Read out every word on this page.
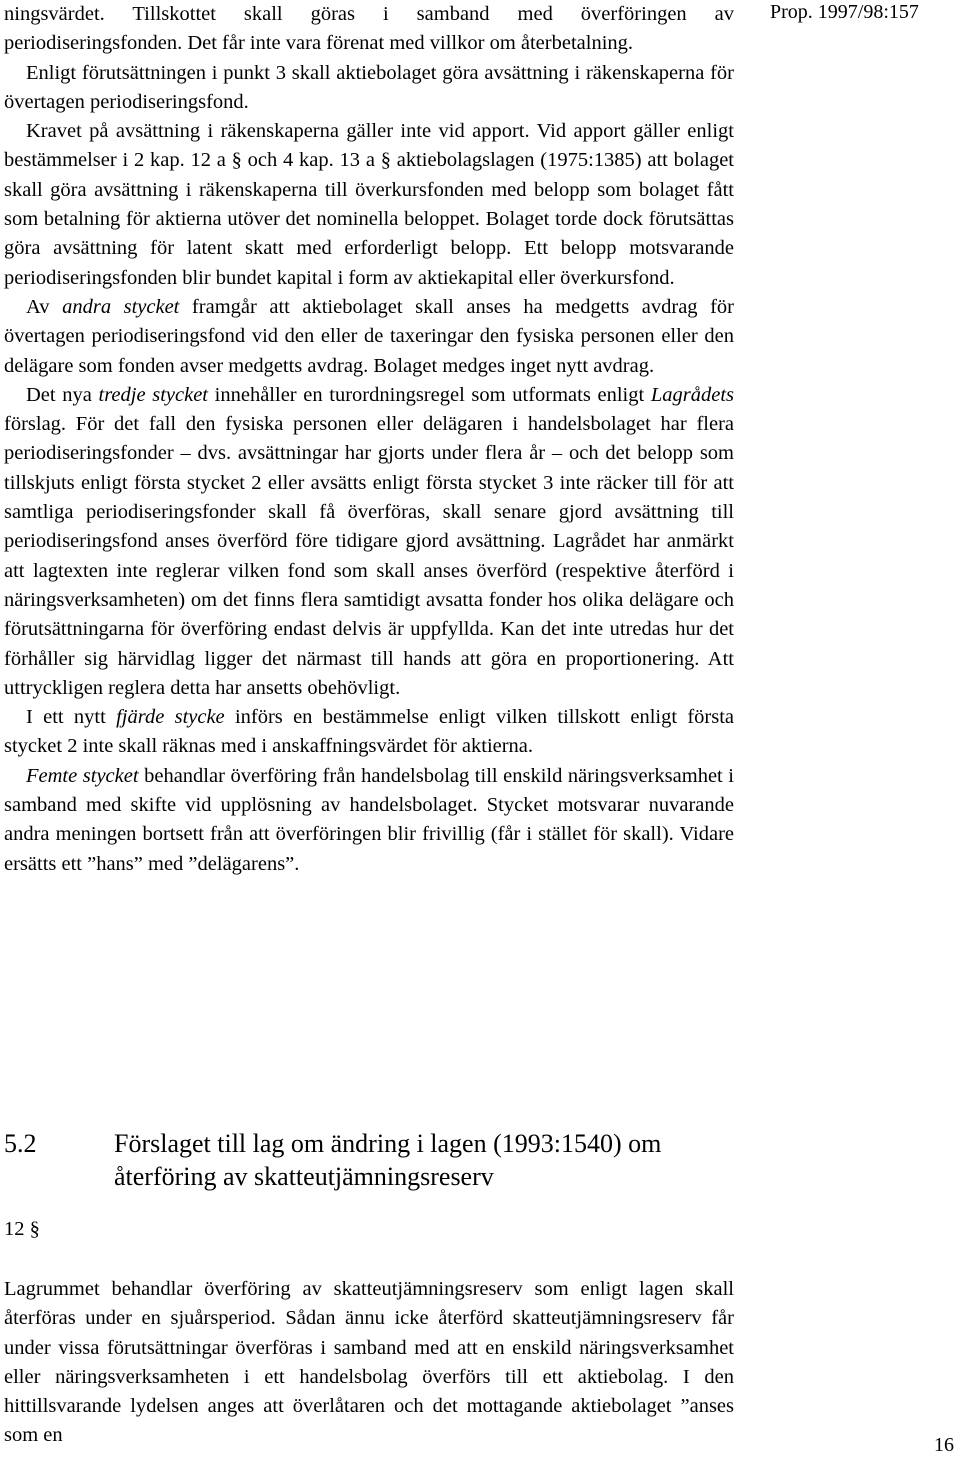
Prop. 1997/98:157

ningsvärdet. Tillskottet skall göras i samband med överföringen av periodiseringsfonden. Det får inte vara förenat med villkor om återbetalning.

Enligt förutsättningen i punkt 3 skall aktiebolaget göra avsättning i räkenskaperna för övertagen periodiseringsfond.

Kravet på avsättning i räkenskaperna gäller inte vid apport. Vid apport gäller enligt bestämmelser i 2 kap. 12 a § och 4 kap. 13 a § aktiebolagslagen (1975:1385) att bolaget skall göra avsättning i räkenskaperna till överkursfonden med belopp som bolaget fått som betalning för aktierna utöver det nominella beloppet. Bolaget torde dock förutsättas göra avsättning för latent skatt med erforderligt belopp. Ett belopp motsvarande periodiseringsfonden blir bundet kapital i form av aktiekapital eller överkursfond.

Av andra stycket framgår att aktiebolaget skall anses ha medgetts avdrag för övertagen periodiseringsfond vid den eller de taxeringar den fysiska personen eller den delägare som fonden avser medgetts avdrag. Bolaget medges inget nytt avdrag.

Det nya tredje stycket innehåller en turordningsregel som utformats enligt Lagrådets förslag. För det fall den fysiska personen eller delägaren i handelsbolaget har flera periodiseringsfonder – dvs. avsättningar har gjorts under flera år – och det belopp som tillskjuts enligt första stycket 2 eller avsätts enligt första stycket 3 inte räcker till för att samtliga periodiseringsfonder skall få överföras, skall senare gjord avsättning till periodiseringsfond anses överförd före tidigare gjord avsättning. Lagrådet har anmärkt att lagtexten inte reglerar vilken fond som skall anses överförd (respektive återförd i näringsverksamheten) om det finns flera samtidigt avsatta fonder hos olika delägare och förutsättningarna för överföring endast delvis är uppfyllda. Kan det inte utredas hur det förhåller sig härvidlag ligger det närmast till hands att göra en proportionering. Att uttryckligen reglera detta har ansetts obehövligt.

I ett nytt fjärde stycke införs en bestämmelse enligt vilken tillskott enligt första stycket 2 inte skall räknas med i anskaffningsvärdet för aktierna.

Femte stycket behandlar överföring från handelsbolag till enskild näringsverksamhet i samband med skifte vid upplösning av handelsbolaget. Stycket motsvarar nuvarande andra meningen bortsett från att överföringen blir frivillig (får i stället för skall). Vidare ersätts ett ”hans” med ”delägarens”.

5.2	Förslaget till lag om ändring i lagen (1993:1540) om återföring av skatteutjämningsreserv
12 §

Lagrummet behandlar överföring av skatteutjämningsreserv som enligt lagen skall återföras under en sjuårsperiod. Sådan ännu icke återförd skatteutjämningsreserv får under vissa förutsättningar överföras i samband med att en enskild näringsverksamhet eller näringsverksamheten i ett handelsbolag överförs till ett aktiebolag. I den hittillsvarande lydelsen anges att överlåtaren och det mottagande aktiebolaget ”anses som en	16
